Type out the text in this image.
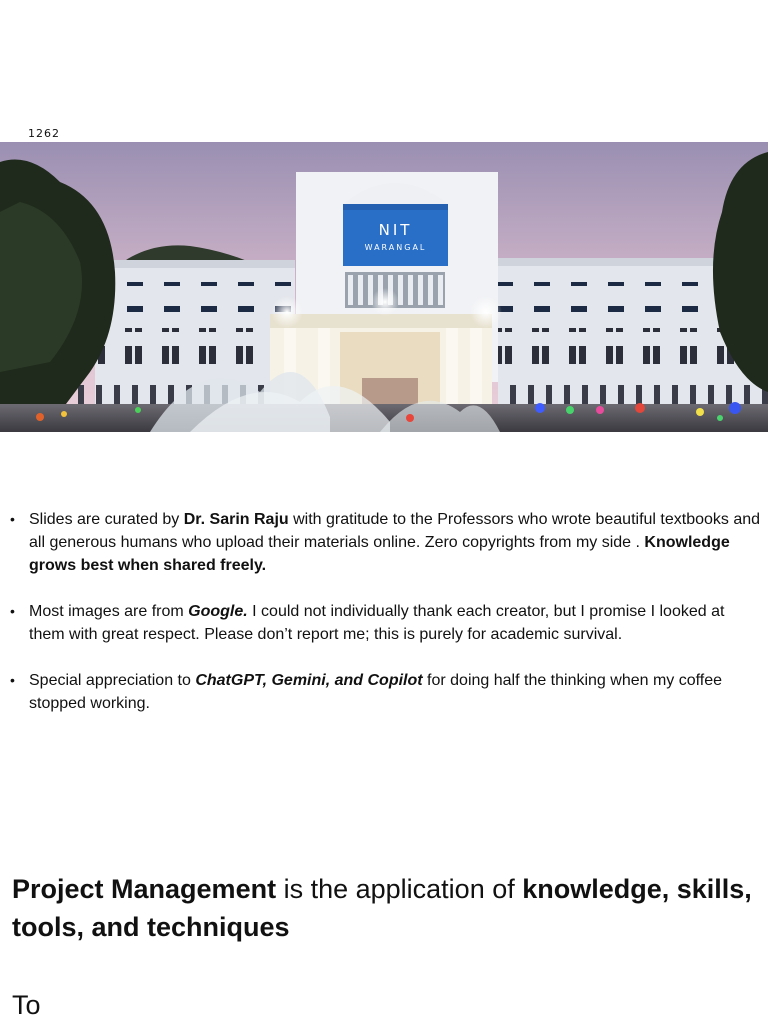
1262
NIT
WARANGAL
• Slides are curated by Dr. Sarin Raju with gratitude to the Professors who wrote beautiful textbooks and all generous humans who upload their materials online. Zero copyrights from my side . Knowledge grows best when shared freely.
• Most images are from Google. I could not individually thank each creator, but I promise I looked at them with great respect. Please don’t report me; this is purely for academic survival.
• Special appreciation to ChatGPT, Gemini, and Copilot for doing half the thinking when my coffee stopped working.
Project Management is the application of knowledge, skills, tools, and techniques
To
